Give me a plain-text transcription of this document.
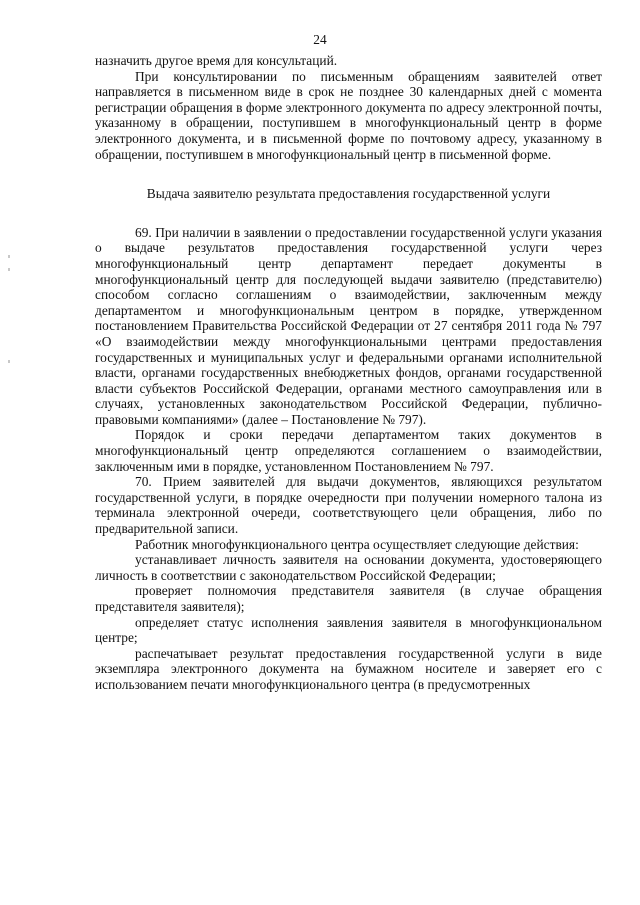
24

назначить другое время для консультаций.

При консультировании по письменным обращениям заявителей ответ направляется в письменном виде в срок не позднее 30 календарных дней с момента регистрации обращения в форме электронного документа по адресу электронной почты, указанному в обращении, поступившем в многофункциональный центр в форме электронного документа, и в письменной форме по почтовому адресу, указанному в обращении, поступившем в многофункциональный центр в письменной форме.

Выдача заявителю результата предоставления государственной услуги

69. При наличии в заявлении о предоставлении государственной услуги указания о выдаче результатов предоставления государственной услуги через многофункциональный центр департамент передает документы в многофункциональный центр для последующей выдачи заявителю (представителю) способом согласно соглашениям о взаимодействии, заключенным между департаментом и многофункциональным центром в порядке, утвержденном постановлением Правительства Российской Федерации от 27 сентября 2011 года № 797 «О взаимодействии между многофункциональными центрами предоставления государственных и муниципальных услуг и федеральными органами исполнительной власти, органами государственных внебюджетных фондов, органами государственной власти субъектов Российской Федерации, органами местного самоуправления или в случаях, установленных законодательством Российской Федерации, публично-правовыми компаниями» (далее – Постановление № 797).

Порядок и сроки передачи департаментом таких документов в многофункциональный центр определяются соглашением о взаимодействии, заключенным ими в порядке, установленном Постановлением № 797.

70. Прием заявителей для выдачи документов, являющихся результатом государственной услуги, в порядке очередности при получении номерного талона из терминала электронной очереди, соответствующего цели обращения, либо по предварительной записи.

Работник многофункционального центра осуществляет следующие действия:

устанавливает личность заявителя на основании документа, удостоверяющего личность в соответствии с законодательством Российской Федерации;

проверяет полномочия представителя заявителя (в случае обращения представителя заявителя);

определяет статус исполнения заявления заявителя в многофункциональном центре;

распечатывает результат предоставления государственной услуги в виде экземпляра электронного документа на бумажном носителе и заверяет его с использованием печати многофункционального центра (в предусмотренных
